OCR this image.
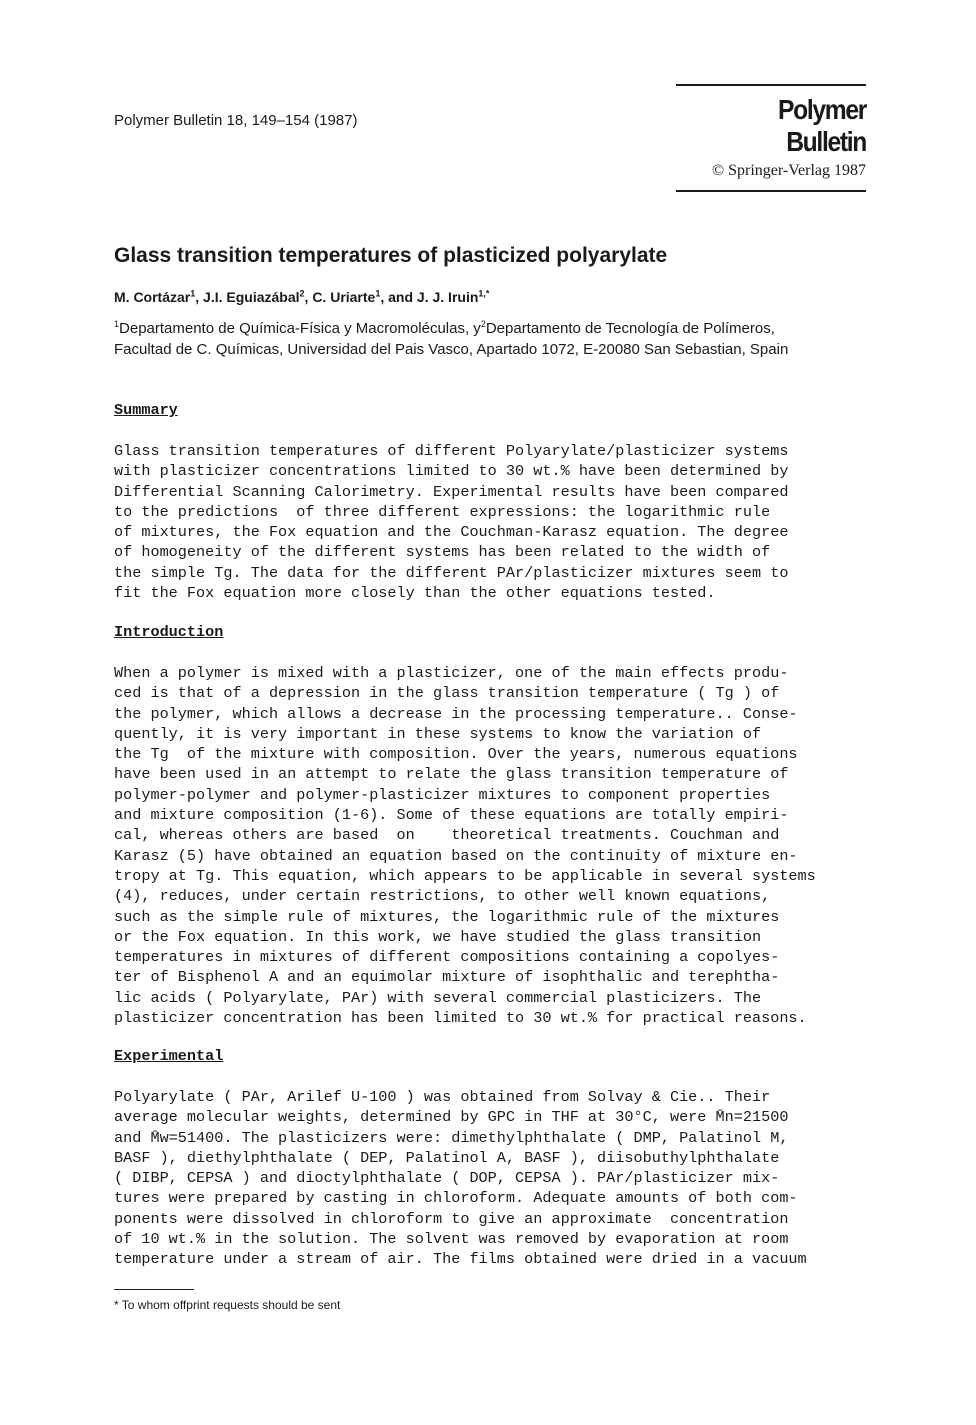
Polymer Bulletin 18, 149–154 (1987)	Polymer Bulletin
© Springer-Verlag 1987
Glass transition temperatures of plasticized polyarylate
M. Cortázar$^1$, J.I. Eguiazábal$^2$, C. Uriarte$^1$, and J. J. Iruin$^{1,*}$
$^1$Departamento de Química-Física y Macromoléculas, $y^2Departamento$ de Tecnología de Polímeros,
Facultad de C. Químicas, Universidad del Pais Vasco, Apartado 1072, E-20080 San Sebastian, Spain
Summary
Glass transition temperatures of different Polyarylate/plasticizer systems
with plasticizer concentrations limited to 30 wt.% have been determined by
Differential Scanning Calorimetry. Experimental results have been compared
to the predictions  of three different expressions: the logarithmic rule
of mixtures, the Fox equation and the Couchman-Karasz equation. The degree
of homogeneity of the different systems has been related to the width of
the simple Tg. The data for the different PAr/plasticizer mixtures seem to
fit the Fox equation more closely than the other equations tested.
Introduction
When a polymer is mixed with a plasticizer, one of the main effects produ-
ced is that of a depression in the glass transition temperature ( Tg ) of
the polymer, which allows a decrease in the processing temperature.. Conse-
quently, it is very important in these systems to know the variation of
the Tg  of the mixture with composition. Over the years, numerous equations
have been used in an attempt to relate the glass transition temperature of
polymer-polymer and polymer-plasticizer mixtures to component properties
and mixture composition (1-6). Some of these equations are totally empiri-
cal, whereas others are based  on    theoretical treatments. Couchman and
Karasz (5) have obtained an equation based on the continuity of mixture en-
tropy at Tg. This equation, which appears to be applicable in several systems
(4), reduces, under certain restrictions, to other well known equations,
such as the simple rule of mixtures, the logarithmic rule of the mixtures
or the Fox equation. In this work, we have studied the glass transition
temperatures in mixtures of different compositions containing a copolyes-
ter of Bisphenol A and an equimolar mixture of isophthalic and terephtha-
lic acids ( Polyarylate, PAr) with several commercial plasticizers. The
plasticizer concentration has been limited to 30 wt.% for practical reasons.
Experimental
Polyarylate ( PAr, Arilef U-100 ) was obtained from Solvay & Cie.. Their
average molecular weights, determined by GPC in THF at 30°C, were M̄n=21500
and M̄w=51400. The plasticizers were: dimethylphthalate ( DMP, Palatinol M,
BASF ), diethylphthalate ( DEP, Palatinol A, BASF ), diisobuthylphthalate
( DIBP, CEPSA ) and dioctylphthalate ( DOP, CEPSA ). PAr/plasticizer mix-
tures were prepared by casting in chloroform. Adequate amounts of both com-
ponents were dissolved in chloroform to give an approximate  concentration
of 10 wt.% in the solution. The solvent was removed by evaporation at room
temperature under a stream of air. The films obtained were dried in a vacuum
* To whom offprint requests should be sent
